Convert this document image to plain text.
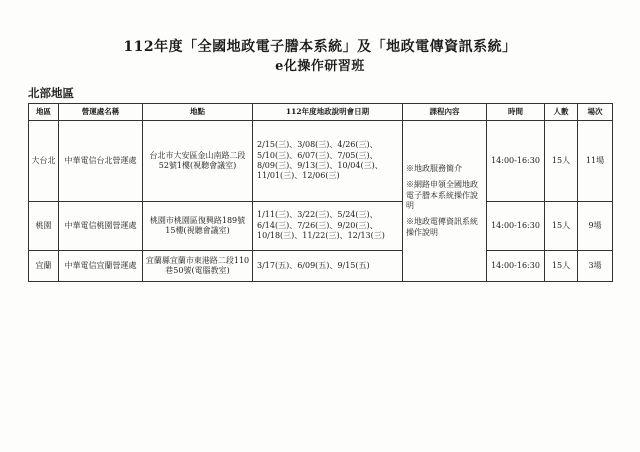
112年度「全國地政電子謄本系統」及「地政電傳資訊系統」
e化操作研習班
北部地區
地區	營運處名稱	地點	112年度地政說明會日期	課程內容	時間	人數	場次
大台北	中華電信台北營運處	台北市大安區金山南路二段52號1樓(視聽會議室)	2/15(三)、3/08(三)、4/26(三)、5/10(三)、6/07(三)、7/05(三)、8/09(三)、9/13(三)、10/04(三)、11/01(三)、12/06(三)	※地政服務簡介
※網路申領全國地政電子謄本系統操作說明
※地政電傳資訊系統操作說明	14:00-16:30	15人	11場
桃園	中華電信桃園營運處	桃園市桃園區復興路189號15樓(視聽會議室)	1/11(三)、3/22(三)、5/24(三)、6/14(三)、7/26(三)、9/20(三)、10/18(三)、11/22(三)、12/13(三)		14:00-16:30	15人	9場
宜蘭	中華電信宜蘭營運處	宜蘭縣宜蘭市東港路二段110巷50號(電腦教室)	3/17(五)、6/09(五)、9/15(五)		14:00-16:30	15人	3場
